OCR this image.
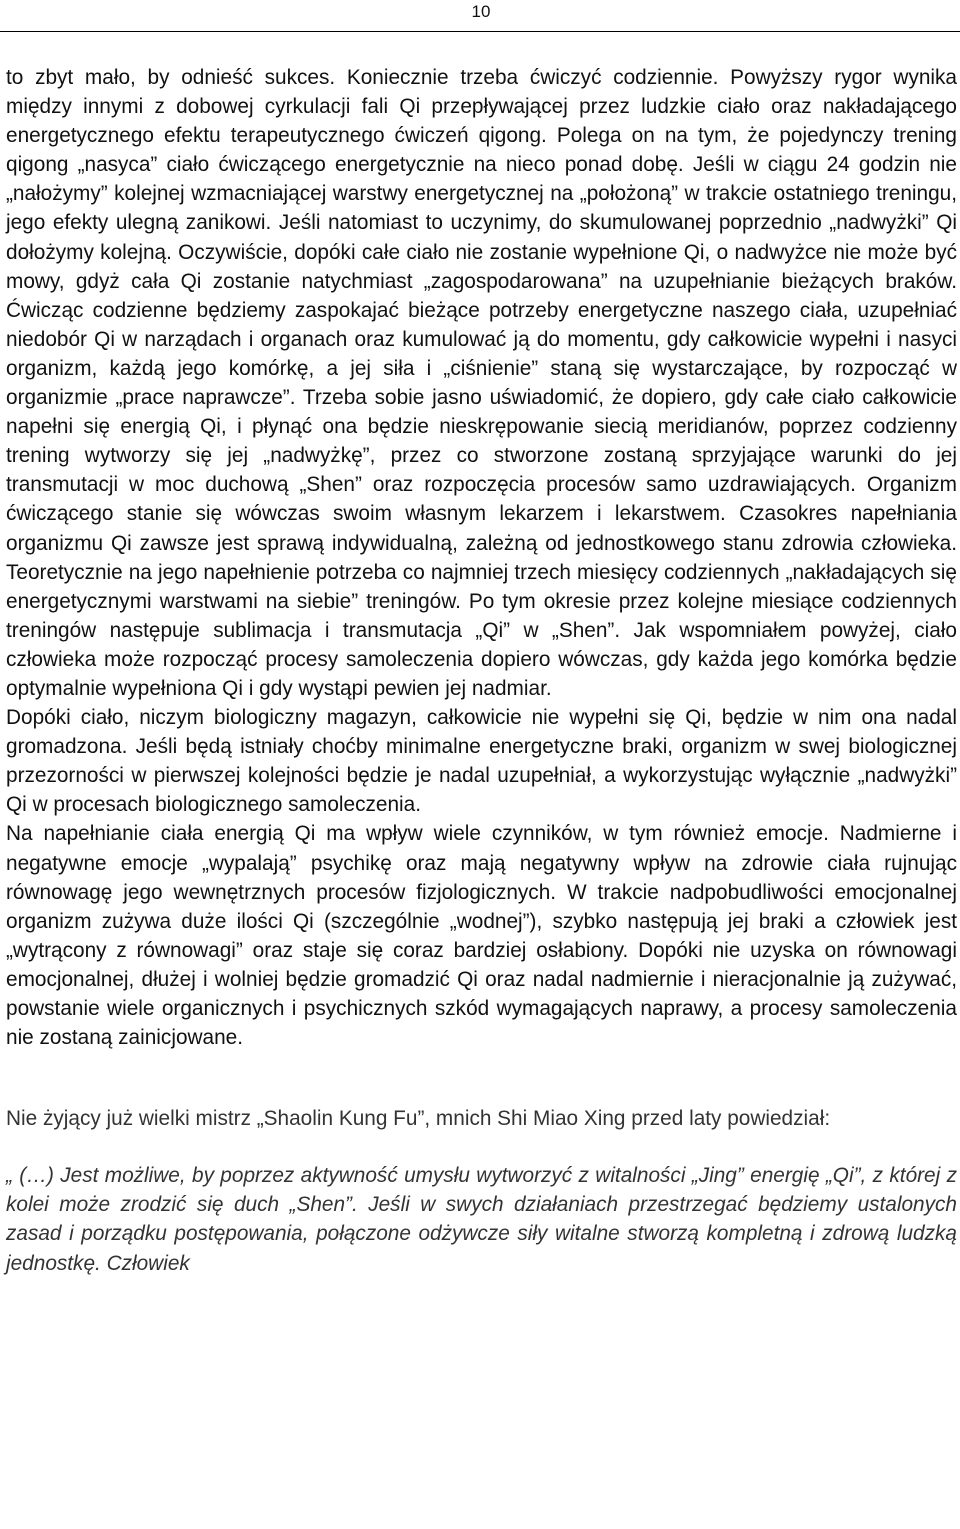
10

to zbyt mało, by odnieść sukces. Koniecznie trzeba ćwiczyć codziennie. Powyższy rygor wynika między innymi z dobowej cyrkulacji fali Qi przepływającej przez ludzkie ciało oraz nakładającego energetycznego efektu terapeutycznego ćwiczeń qigong. Polega on na tym, że pojedynczy trening qigong „nasyca” ciało ćwiczącego energetycznie na nieco ponad dobę. Jeśli w ciągu 24 godzin nie „nałożymy” kolejnej wzmacniającej warstwy energetycznej na „położoną” w trakcie ostatniego treningu, jego efekty ulegną zanikowi. Jeśli natomiast to uczynimy, do skumulowanej poprzednio „nadwyżki” Qi dołożymy kolejną. Oczywiście, dopóki całe ciało nie zostanie wypełnione Qi, o nadwyżce nie może być mowy, gdyż cała Qi zostanie natychmiast „zagospodarowana” na uzupełnianie bieżących braków. Ćwicząc codzienne będziemy zaspokajać bieżące potrzeby energetyczne naszego ciała, uzupełniać niedobór Qi w narządach i organach oraz kumulować ją do momentu, gdy całkowicie wypełni i nasyci organizm, każdą jego komórkę, a jej siła i „ciśnienie” staną się wystarczające, by rozpocząć w organizmie „prace naprawcze”. Trzeba sobie jasno uświadomić, że dopiero, gdy całe ciało całkowicie napełni się energią Qi, i płynąć ona będzie nieskrępowanie siecią meridianów, poprzez codzienny trening wytworzy się jej „nadwyżkę”, przez co stworzone zostaną sprzyjające warunki do jej transmutacji w moc duchową „Shen” oraz rozpoczęcia procesów samo uzdrawiających. Organizm ćwiczącego stanie się wówczas swoim własnym lekarzem i lekarstwem. Czasokres napełniania organizmu Qi zawsze jest sprawą indywidualną, zależną od jednostkowego stanu zdrowia człowieka. Teoretycznie na jego napełnienie potrzeba co najmniej trzech miesięcy codziennych „nakładających się energetycznymi warstwami na siebie” treningów. Po tym okresie przez kolejne miesiące codziennych treningów następuje sublimacja i transmutacja „Qi” w „Shen”. Jak wspomniałem powyżej, ciało człowieka może rozpocząć procesy samoleczenia dopiero wówczas, gdy każda jego komórka będzie optymalnie wypełniona Qi i gdy wystąpi pewien jej nadmiar.

Dopóki ciało, niczym biologiczny magazyn, całkowicie nie wypełni się Qi, będzie w nim ona nadal gromadzona. Jeśli będą istniały choćby minimalne energetyczne braki, organizm w swej biologicznej przezorności w pierwszej kolejności będzie je nadal uzupełniał, a wykorzystując wyłącznie „nadwyżki” Qi w procesach biologicznego samoleczenia.

Na napełnianie ciała energią Qi ma wpływ wiele czynników, w tym również emocje. Nadmierne i negatywne emocje „wypalają” psychikę oraz mają negatywny wpływ na zdrowie ciała rujnując równowagę jego wewnętrznych procesów fizjologicznych. W trakcie nadpobudliwości emocjonalnej organizm zużywa duże ilości Qi (szczególnie „wodnej”), szybko następują jej braki a człowiek jest „wytrącony z równowagi” oraz staje się coraz bardziej osłabiony. Dopóki nie uzyska on równowagi emocjonalnej, dłużej i wolniej będzie gromadzić Qi oraz nadal nadmiernie i nieracjonalnie ją zużywać, powstanie wiele organicznych i psychicznych szkód wymagających naprawy, a procesy samoleczenia nie zostaną zainicjowane.

Nie żyjący już wielki mistrz „Shaolin Kung Fu”, mnich Shi Miao Xing przed laty powiedział:

„ (…) Jest możliwe, by poprzez aktywność umysłu wytworzyć z witalności „Jing” energię „Qi”, z której z kolei może zrodzić się duch „Shen”. Jeśli w swych działaniach przestrzegać będziemy ustalonych zasad i porządku postępowania, połączone odżywcze siły witalne stworzą kompletną i zdrową ludzką jednostkę. Człowiek
